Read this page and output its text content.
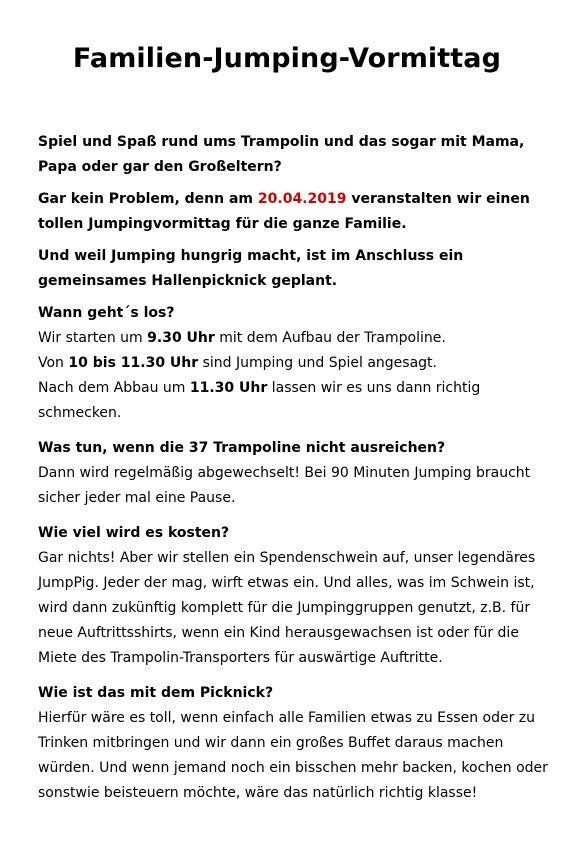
Familien-Jumping-Vormittag

Spiel und Spaß rund ums Trampolin und das sogar mit Mama, Papa oder gar den Großeltern?

Gar kein Problem, denn am 20.04.2019 veranstalten wir einen tollen Jumpingvormittag für die ganze Familie.

Und weil Jumping hungrig macht, ist im Anschluss ein gemeinsames Hallenpicknick geplant.

Wann geht´s los?

Wir starten um 9.30 Uhr mit dem Aufbau der Trampoline.
Von 10 bis 11.30 Uhr sind Jumping und Spiel angesagt.
Nach dem Abbau um 11.30 Uhr lassen wir es uns dann richtig schmecken.

Was tun, wenn die 37 Trampoline nicht ausreichen?

Dann wird regelmäßig abgewechselt! Bei 90 Minuten Jumping braucht sicher jeder mal eine Pause.

Wie viel wird es kosten?

Gar nichts! Aber wir stellen ein Spendenschwein auf, unser legendäres JumpPig. Jeder der mag, wirft etwas ein. Und alles, was im Schwein ist, wird dann zukünftig komplett für die Jumpinggruppen genutzt, z.B. für neue Auftrittsshirts, wenn ein Kind herausgewachsen ist oder für die Miete des Trampolin-Transporters für auswärtige Auftritte.

Wie ist das mit dem Picknick?

Hierfür wäre es toll, wenn einfach alle Familien etwas zu Essen oder zu Trinken mitbringen und wir dann ein großes Buffet daraus machen würden. Und wenn jemand noch ein bisschen mehr backen, kochen oder sonstwie beisteuern möchte, wäre das natürlich richtig klasse!
